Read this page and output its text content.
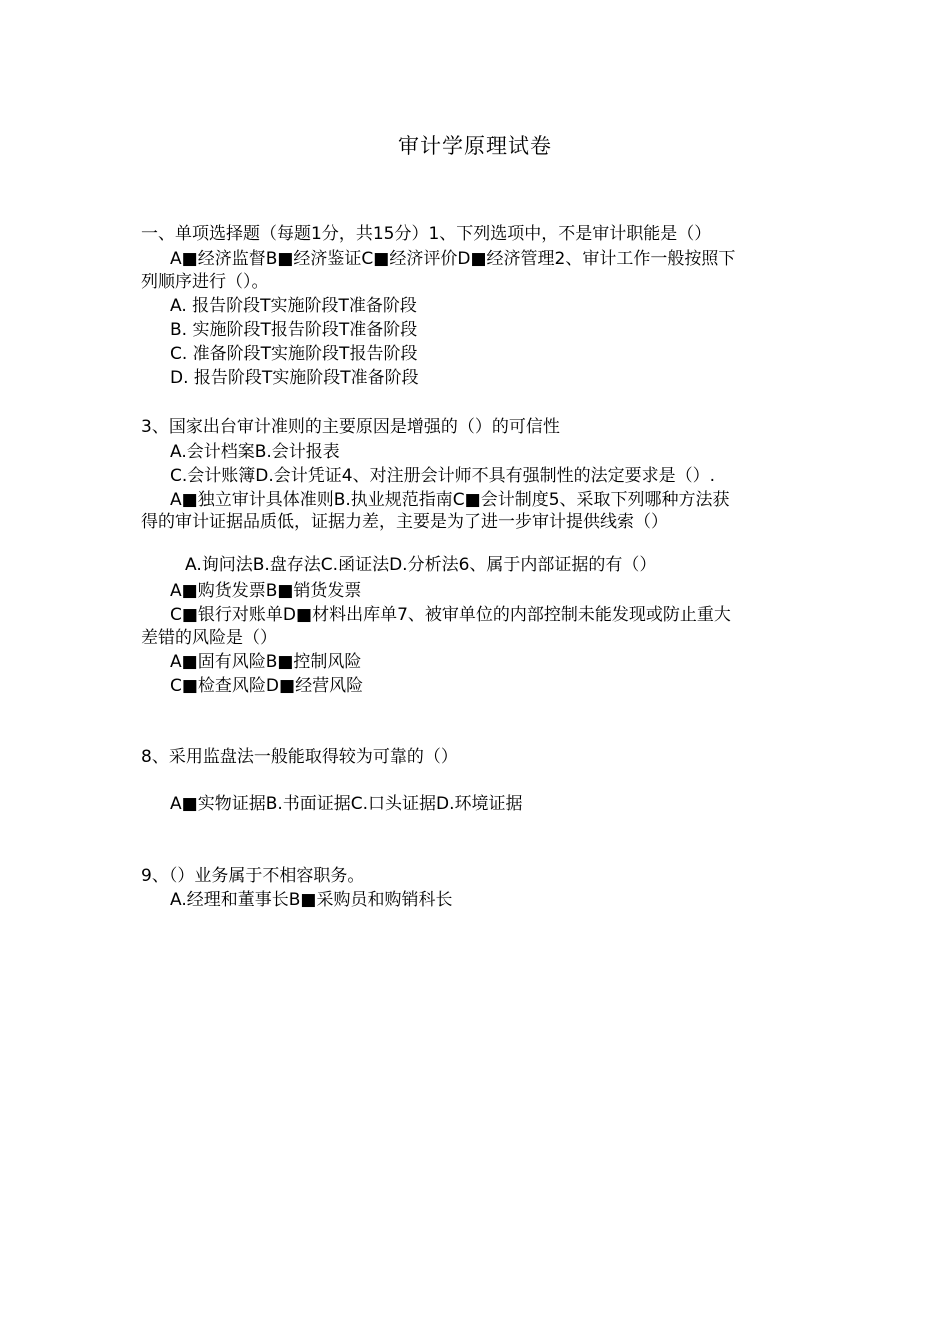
审计学原理试卷
一、单项选择题（每题1分，共15分）1、下列选项中，不是审计职能是（）
A■经济监督B■经济鉴证C■经济评价D■经济管理2、审计工作一般按照下
列顺序进行（）。
A. 报告阶段T实施阶段T准备阶段
B. 实施阶段T报告阶段T准备阶段
C. 准备阶段T实施阶段T报告阶段
D. 报告阶段T实施阶段T准备阶段
3、国家出台审计准则的主要原因是增强的（）的可信性
A.会计档案B.会计报表
C.会计账簿D.会计凭证4、对注册会计师不具有强制性的法定要求是（）.
A■独立审计具体准则B.执业规范指南C■会计制度5、采取下列哪种方法获
得的审计证据品质低，证据力差，主要是为了进一步审计提供线索（）
A.询问法B.盘存法C.函证法D.分析法6、属于内部证据的有（）
A■购货发票B■销货发票
C■银行对账单D■材料出库单7、被审单位的内部控制未能发现或防止重大
差错的风险是（）
A■固有风险B■控制风险
C■检查风险D■经营风险
8、采用监盘法一般能取得较为可靠的（）
A■实物证据B.书面证据C.口头证据D.环境证据
9、（）业务属于不相容职务。
A.经理和董事长B■采购员和购销科长
